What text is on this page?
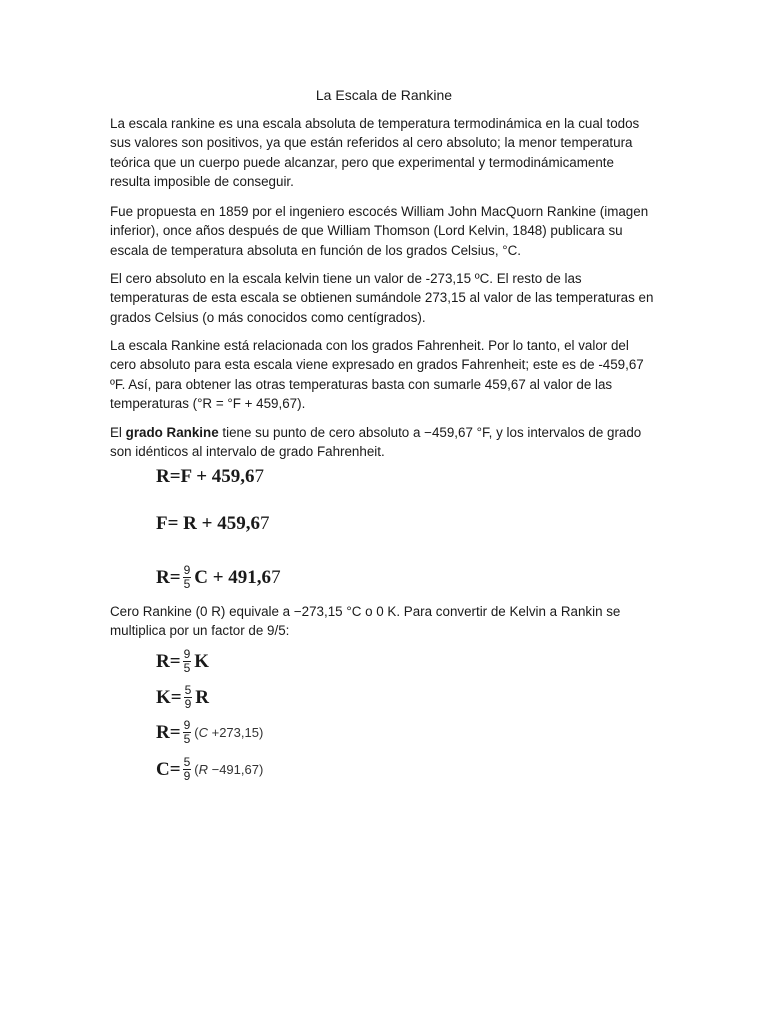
La Escala de Rankine
La escala rankine es una escala absoluta de temperatura termodinámica en la cual todos sus valores son positivos, ya que están referidos al cero absoluto; la menor temperatura teórica que un cuerpo puede alcanzar, pero que experimental y termodinámicamente resulta imposible de conseguir.
Fue propuesta en 1859 por el ingeniero escocés William John MacQuorn Rankine (imagen inferior), once años después de que William Thomson (Lord Kelvin, 1848) publicara su escala de temperatura absoluta en función de los grados Celsius, °C.
El cero absoluto en la escala kelvin tiene un valor de -273,15 ºC. El resto de las temperaturas de esta escala se obtienen sumándole 273,15 al valor de las temperaturas en grados Celsius (o más conocidos como centígrados).
La escala Rankine está relacionada con los grados Fahrenheit. Por lo tanto, el valor del cero absoluto para esta escala viene expresado en grados Fahrenheit; este es de -459,67 ºF. Así, para obtener las otras temperaturas basta con sumarle 459,67 al valor de las temperaturas (°R = °F + 459,67).
El grado Rankine tiene su punto de cero absoluto a −459,67 °F, y los intervalos de grado son idénticos al intervalo de grado Fahrenheit.
R=F + 459,6 7
F= R + 459,6 7
$R= \frac{9}{5}$ C + 491,6 7
Cero Rankine (0 R) equivale a −273,15 °C o 0 K. Para convertir de Kelvin a Rankin se multiplica por un factor de 9/5:
$R= \frac{9}{5}$ K
$K= \frac{5}{9}$ R
$R= \frac{9}{5} (C +273,15)$
$C= \frac{5}{9} (R -491,67)$
